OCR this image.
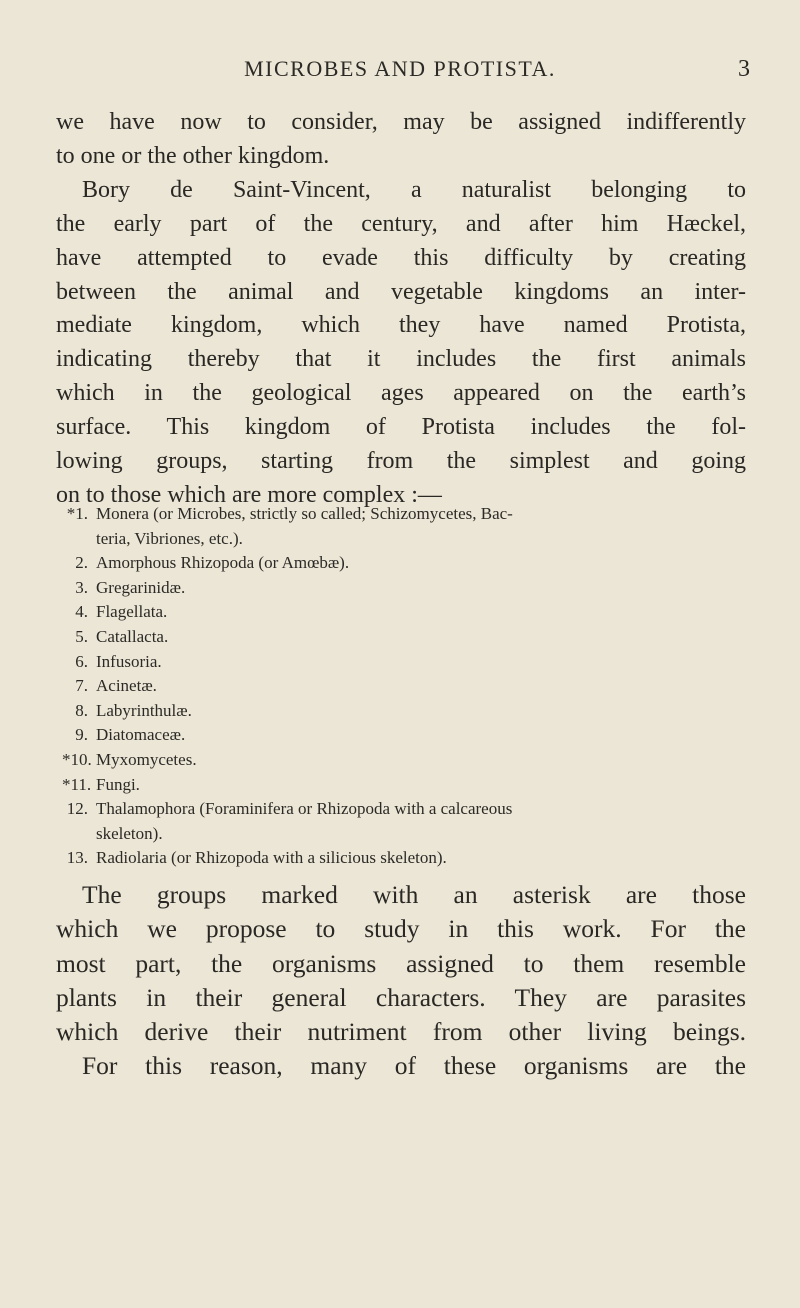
MICROBES AND PROTISTA.	3
we have now to consider, may be assigned indifferently
to one or the other kingdom.
Bory de Saint-Vincent, a naturalist belonging to
the early part of the century, and after him Hæckel,
have attempted to evade this difficulty by creating
between the animal and vegetable kingdoms an inter-
mediate kingdom, which they have named Protista,
indicating thereby that it includes the first animals
which in the geological ages appeared on the earth’s
surface. This kingdom of Protista includes the fol-
lowing groups, starting from the simplest and going
on to those which are more complex :—
*1. Monera (or Microbes, strictly so called; Schizomycetes, Bac-
teria, Vibriones, etc.).
2. Amorphous Rhizopoda (or Amœbæ).
3. Gregarinidæ.
4. Flagellata.
5. Catallacta.
6. Infusoria.
7. Acinetæ.
8. Labyrinthulæ.
9. Diatomaceæ.
*10. Myxomycetes.
*11. Fungi.
12. Thalamophora (Foraminifera or Rhizopoda with a calcareous
skeleton).
13. Radiolaria (or Rhizopoda with a silicious skeleton).
The groups marked with an asterisk are those
which we propose to study in this work. For the
most part, the organisms assigned to them resemble
plants in their general characters. They are parasites
which derive their nutriment from other living beings.
For this reason, many of these organisms are the
